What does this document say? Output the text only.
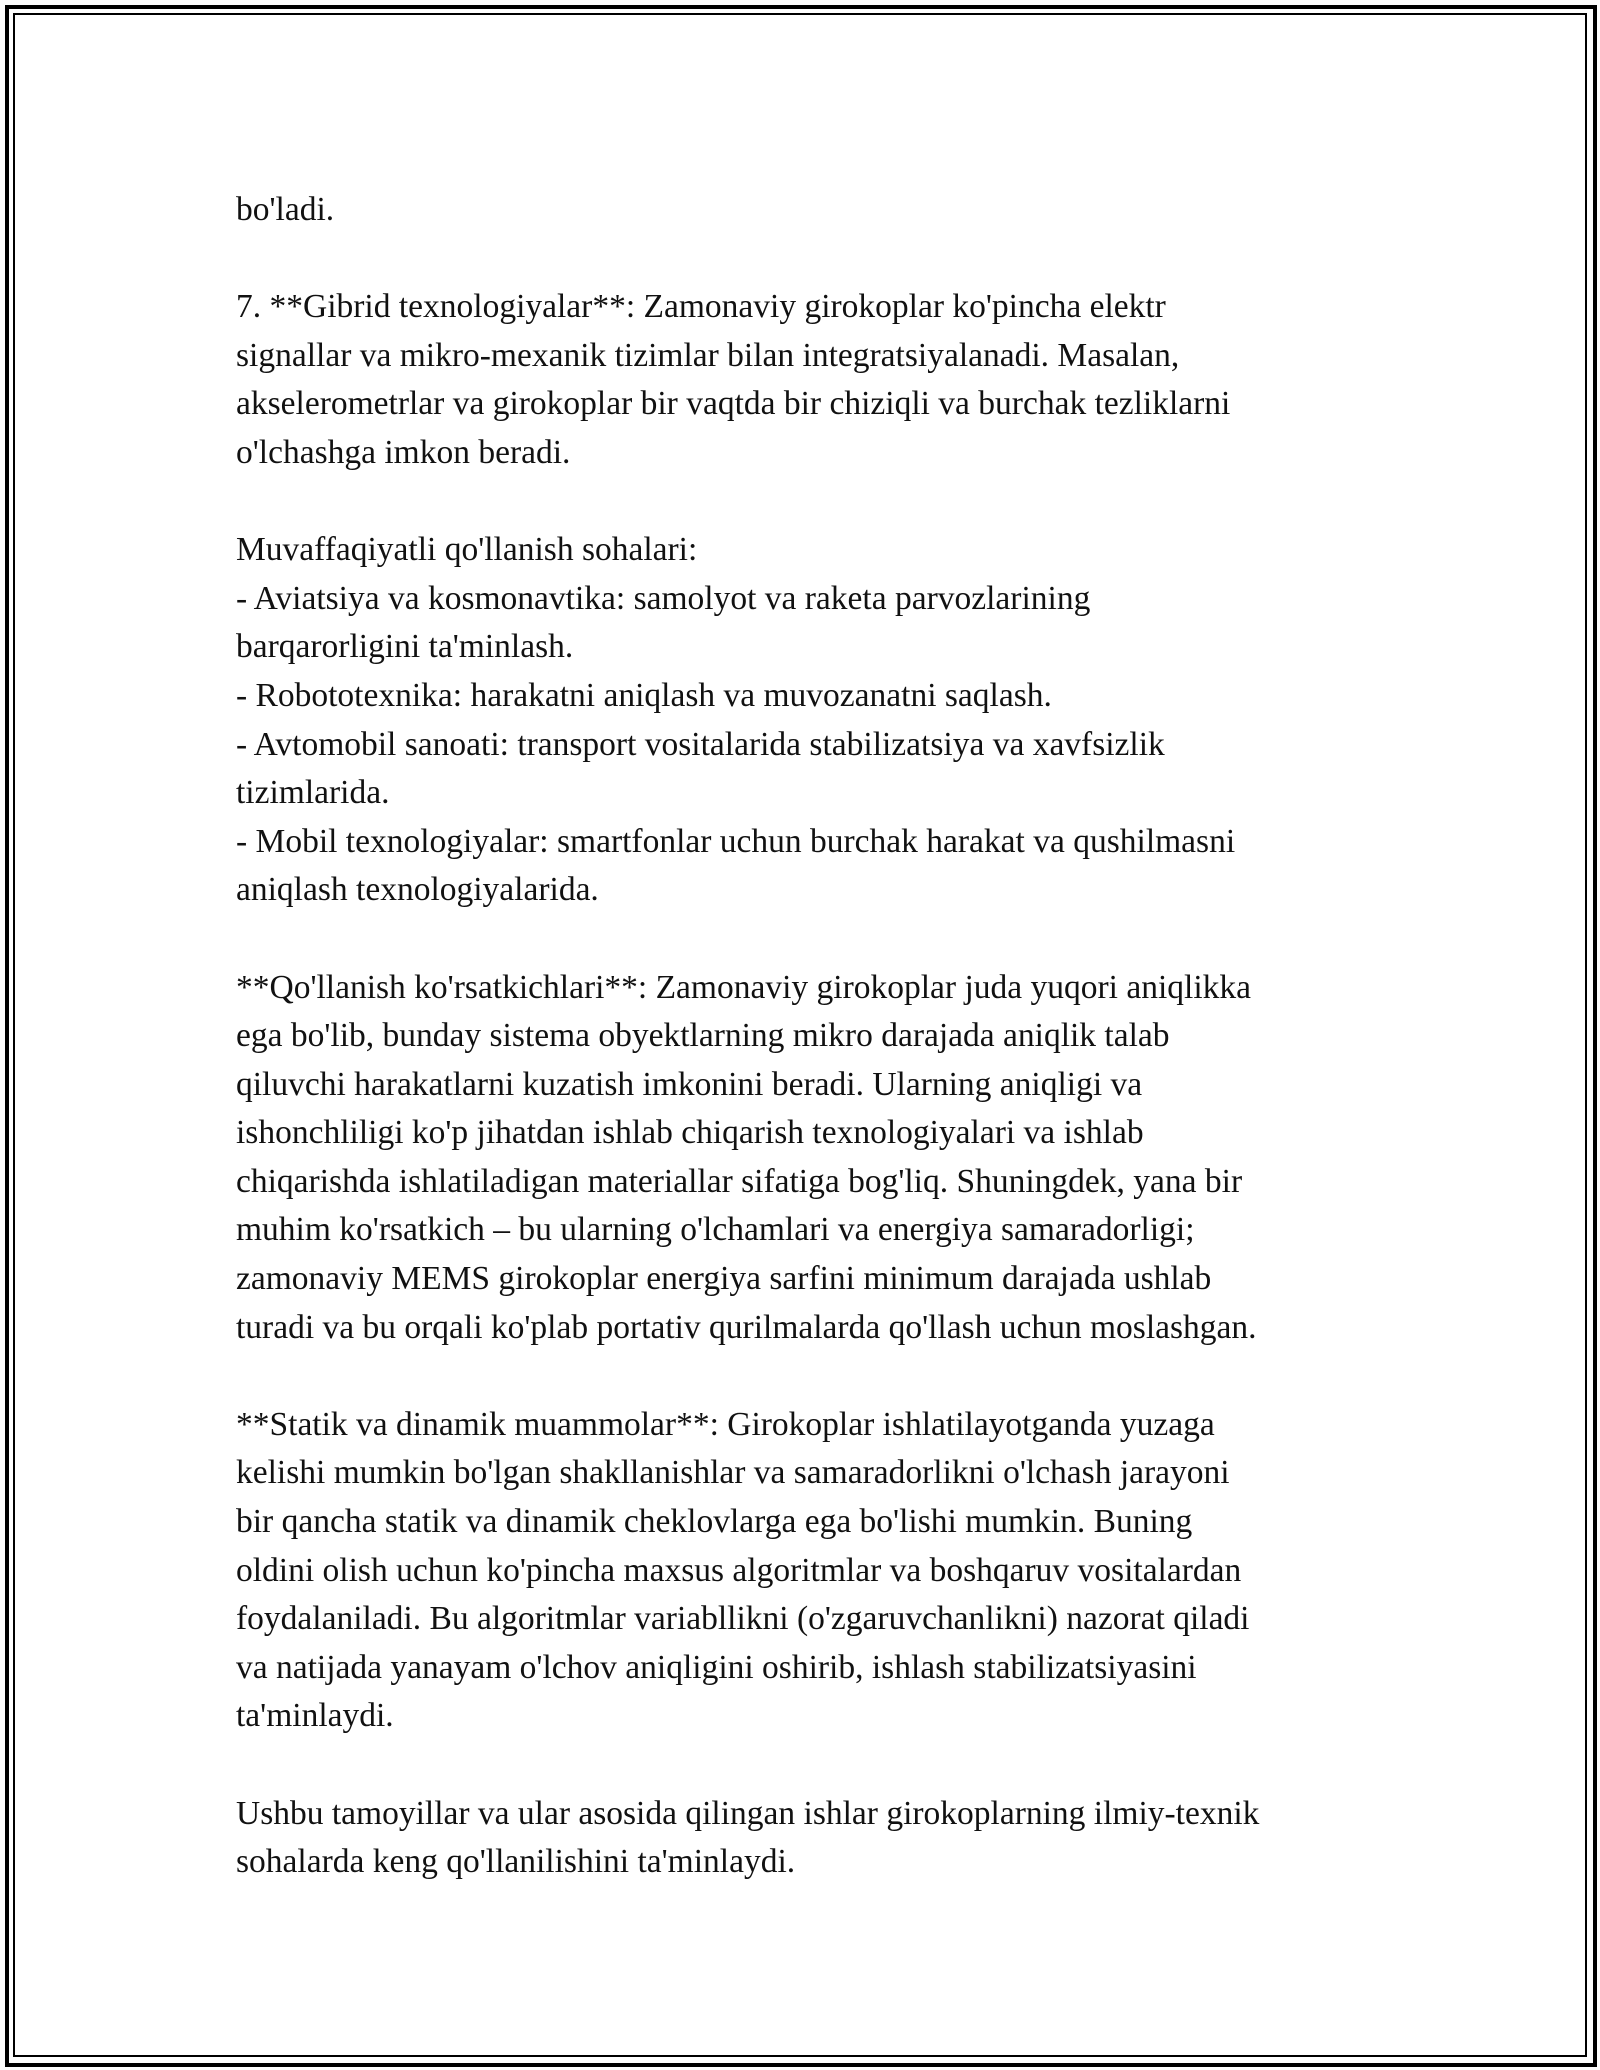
bo'ladi.

7. **Gibrid texnologiyalar**: Zamonaviy girokoplar ko'pincha elektr
signallar va mikro-mexanik tizimlar bilan integratsiyalanadi. Masalan,
akselerometrlar va girokoplar bir vaqtda bir chiziqli va burchak tezliklarni
o'lchashga imkon beradi.

Muvaffaqiyatli qo'llanish sohalari:
- Aviatsiya va kosmonavtika: samolyot va raketa parvozlarining
barqarorligini ta'minlash.
- Robototexnika: harakatni aniqlash va muvozanatni saqlash.
- Avtomobil sanoati: transport vositalarida stabilizatsiya va xavfsizlik
tizimlarida.
- Mobil texnologiyalar: smartfonlar uchun burchak harakat va qushilmasni
aniqlash texnologiyalarida.

**Qo'llanish ko'rsatkichlari**: Zamonaviy girokoplar juda yuqori aniqlikka
ega bo'lib, bunday sistema obyektlarning mikro darajada aniqlik talab
qiluvchi harakatlarni kuzatish imkonini beradi. Ularning aniqligi va
ishonchliligi ko'p jihatdan ishlab chiqarish texnologiyalari va ishlab
chiqarishda ishlatiladigan materiallar sifatiga bog'liq. Shuningdek, yana bir
muhim ko'rsatkich – bu ularning o'lchamlari va energiya samaradorligi;
zamonaviy MEMS girokoplar energiya sarfini minimum darajada ushlab
turadi va bu orqali ko'plab portativ qurilmalarda qo'llash uchun moslashgan.

**Statik va dinamik muammolar**: Girokoplar ishlatilayotganda yuzaga
kelishi mumkin bo'lgan shakllanishlar va samaradorlikni o'lchash jarayoni
bir qancha statik va dinamik cheklovlarga ega bo'lishi mumkin. Buning
oldini olish uchun ko'pincha maxsus algoritmlar va boshqaruv vositalardan
foydalaniladi. Bu algoritmlar variabllikni (o'zgaruvchanlikni) nazorat qiladi
va natijada yanayam o'lchov aniqligini oshirib, ishlash stabilizatsiyasini
ta'minlaydi.

Ushbu tamoyillar va ular asosida qilingan ishlar girokoplarning ilmiy-texnik
sohalarda keng qo'llanilishini ta'minlaydi.
